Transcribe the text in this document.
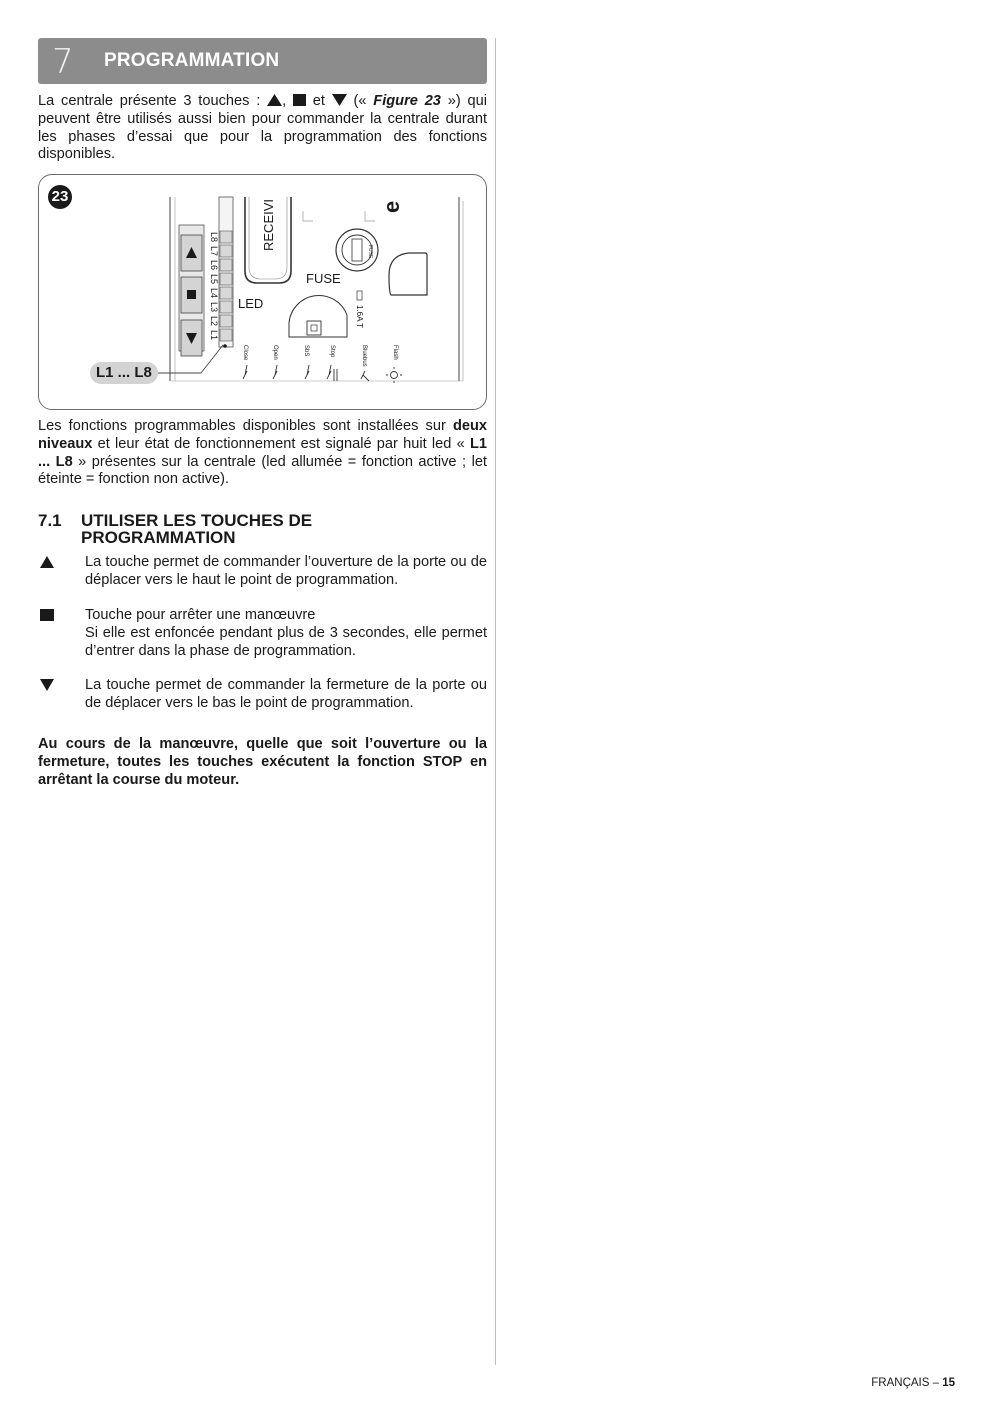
7 PROGRAMMATION

La centrale présente 3 touches : ,  et  (« Figure 23 ») qui peuvent être utilisés aussi bien pour commander la centrale durant les phases d’essai que pour la programmation des fonctions disponibles.

23
L8
L7
L6
L5
L4
L3
L2
L1
RECEIVI
FUSE
FUSE
1.6A T
LED
e
Close	Open	SbS	Stop	Bluebus	Flash
L1 ... L8

Les fonctions programmables disponibles sont installées sur deux niveaux et leur état de fonctionnement est signalé par huit led « L1 ... L8 » présentes sur la centrale (led allumée = fonction active ; let éteinte = fonction non active).

7.1 UTILISER LES TOUCHES DE PROGRAMMATION
La touche permet de commander l’ouverture de la porte ou de déplacer vers le haut le point de programmation.
Touche pour arrêter une manœuvre
Si elle est enfoncée pendant plus de 3 secondes, elle permet d’entrer dans la phase de programmation.
La touche permet de commander la fermeture de la porte ou de déplacer vers le bas le point de programmation.

Au cours de la manœuvre, quelle que soit l’ouverture ou la fermeture, toutes les touches exécutent la fonction STOP en arrêtant la course du moteur.

FRANÇAIS – 15
